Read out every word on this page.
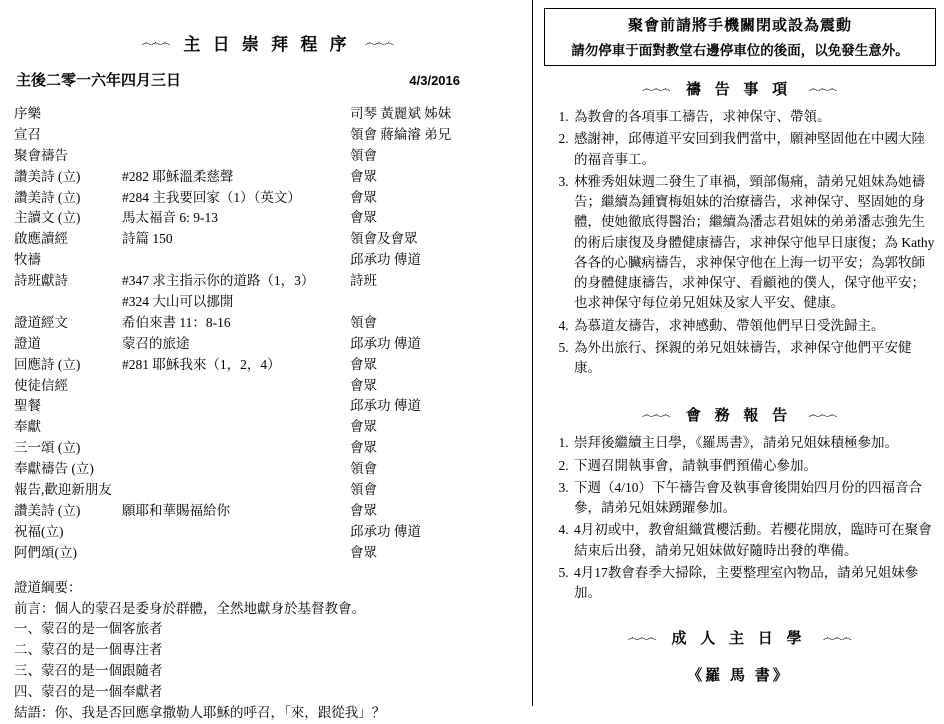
෴෴෴ 主 日 崇 拜 程 序 ෴෴෴
主後二零一六年四月三日	4/3/2016
序樂		司琴 黃麗斌 姊妹
宣召		領會 蔣綸濬 弟兄
聚會禱告		領會
讚美詩 (立)	#282 耶穌溫柔慈聲	會眾
讚美詩 (立)	#284 主我要回家（1）（英文）	會眾
主讀文 (立)	馬太福音 6: 9-13	會眾
啟應讀經	詩篇 150	領會及會眾
牧禱		邱承功 傳道
詩班獻詩	#347 求主指示你的道路（1，3）	詩班
	#324 大山可以挪開	
證道經文	希伯來書 11：8-16	領會
證道	蒙召的旅途	邱承功 傳道
回應詩 (立)	#281 耶穌我來（1，2，4）	會眾
使徒信經		會眾
聖餐		邱承功 傳道
奉獻		會眾
三一頌 (立)		會眾
奉獻禱告 (立)		領會
報告,歡迎新朋友		領會
讚美詩 (立)	願耶和華賜福給你	會眾
祝福(立)		邱承功 傳道
阿們頌(立)		會眾
證道綱要：
前言：個人的蒙召是委身於群體，全然地獻身於基督教會。
一、蒙召的是一個客旅者
二、蒙召的是一個專注者
三、蒙召的是一個跟隨者
四、蒙召的是一個奉獻者
結語：你、我是否回應拿撒勒人耶穌的呼召，「來，跟從我」？
聚會前請將手機關閉或設為震動
請勿停車于面對教堂右邊停車位的後面，以免發生意外。
෴෴෴ 禱 告 事 項 ෴෴෴
1. 為教會的各項事工禱告，求神保守、帶領。
2. 感謝神，邱傳道平安回到我們當中，願神堅固他在中國大陸的福音事工。
3. 林雅秀姐妹週二發生了車禍，頸部傷痛，請弟兄姐妹為她禱告；繼續為鍾寶梅姐妹的治療禱告，求神保守、堅固她的身體，使她徹底得醫治；繼續為潘志君姐妹的弟弟潘志強先生的術后康復及身體健康禱告，求神保守他早日康復；為 Kathy 各各的心臟病禱告，求神保守他在上海一切平安；為郭牧師的身體健康禱告，求神保守、看顧祂的僕人，保守他平安；也求神保守每位弟兄姐妹及家人平安、健康。
4. 為慕道友禱告，求神感動、帶領他們早日受洗歸主。
5. 為外出旅行、探親的弟兄姐妹禱告，求神保守他們平安健康。
෴෴෴ 會 務 報 告 ෴෴෴
1. 崇拜後繼續主日學，《羅馬書》，請弟兄姐妹積極參加。
2. 下週召開執事會，請執事們預備心參加。
3. 下週（4/10）下午禱告會及執事會後開始四月份的四福音合參，請弟兄姐妹踴躍參加。
4. 4月初或中，教會組織賞櫻活動。若櫻花開放，臨時可在聚會結束后出發，請弟兄姐妹做好隨時出發的準備。
5. 4月17教會春季大掃除，主要整理室內物品，請弟兄姐妹參加。
෴෴෴ 成 人 主 日 學 ෴෴෴
《羅 馬 書》
